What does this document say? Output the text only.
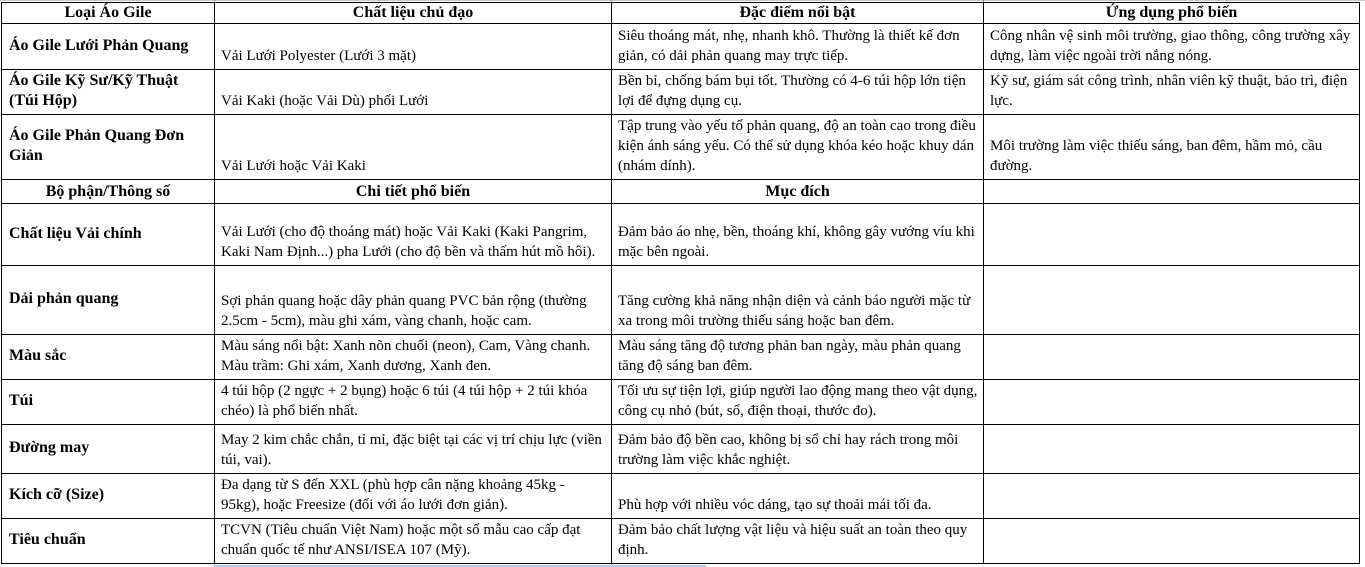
Loại Áo Gile	Chất liệu chủ đạo	Đặc điểm nổi bật	Ứng dụng phổ biến
Áo Gile Lưới Phản Quang	Vải Lưới Polyester (Lưới 3 mặt)	Siêu thoáng mát, nhẹ, nhanh khô. Thường là thiết kế đơn giản, có dải phản quang may trực tiếp.	Công nhân vệ sinh môi trường, giao thông, công trường xây dựng, làm việc ngoài trời nắng nóng.
Áo Gile Kỹ Sư/Kỹ Thuật (Túi Hộp)	Vải Kaki (hoặc Vải Dù) phối Lưới	Bền bỉ, chống bám bụi tốt. Thường có 4-6 túi hộp lớn tiện lợi để đựng dụng cụ.	Kỹ sư, giám sát công trình, nhân viên kỹ thuật, bảo trì, điện lực.
Áo Gile Phản Quang Đơn Giản	Vải Lưới hoặc Vải Kaki	Tập trung vào yếu tố phản quang, độ an toàn cao trong điều kiện ánh sáng yếu. Có thể sử dụng khóa kéo hoặc khuy dán (nhám dính).	Môi trường làm việc thiếu sáng, ban đêm, hầm mỏ, cầu đường.
Bộ phận/Thông số	Chi tiết phổ biến	Mục đích	
Chất liệu Vải chính	Vải Lưới (cho độ thoáng mát) hoặc Vải Kaki (Kaki Pangrim, Kaki Nam Định...) pha Lưới (cho độ bền và thấm hút mồ hôi).	Đảm bảo áo nhẹ, bền, thoáng khí, không gây vướng víu khi mặc bên ngoài.	
Dải phản quang	Sợi phản quang hoặc dây phản quang PVC bản rộng (thường 2.5cm - 5cm), màu ghi xám, vàng chanh, hoặc cam.	Tăng cường khả năng nhận diện và cảnh báo người mặc từ xa trong môi trường thiếu sáng hoặc ban đêm.	
Màu sắc	Màu sáng nổi bật: Xanh nõn chuối (neon), Cam, Vàng chanh. Màu trầm: Ghi xám, Xanh dương, Xanh đen.	Màu sáng tăng độ tương phản ban ngày, màu phản quang tăng độ sáng ban đêm.	
Túi	4 túi hộp (2 ngực + 2 bụng) hoặc 6 túi (4 túi hộp + 2 túi khóa chéo) là phổ biến nhất.	Tối ưu sự tiện lợi, giúp người lao động mang theo vật dụng, công cụ nhỏ (bút, sổ, điện thoại, thước đo).	
Đường may	May 2 kim chắc chắn, tỉ mỉ, đặc biệt tại các vị trí chịu lực (viền túi, vai).	Đảm bảo độ bền cao, không bị sổ chỉ hay rách trong môi trường làm việc khắc nghiệt.	
Kích cỡ (Size)	Đa dạng từ S đến XXL (phù hợp cân nặng khoảng 45kg - 95kg), hoặc Freesize (đối với áo lưới đơn giản).	Phù hợp với nhiều vóc dáng, tạo sự thoải mái tối đa.	
Tiêu chuẩn	TCVN (Tiêu chuẩn Việt Nam) hoặc một số mẫu cao cấp đạt chuẩn quốc tế như ANSI/ISEA 107 (Mỹ).	Đảm bảo chất lượng vật liệu và hiệu suất an toàn theo quy định.	
